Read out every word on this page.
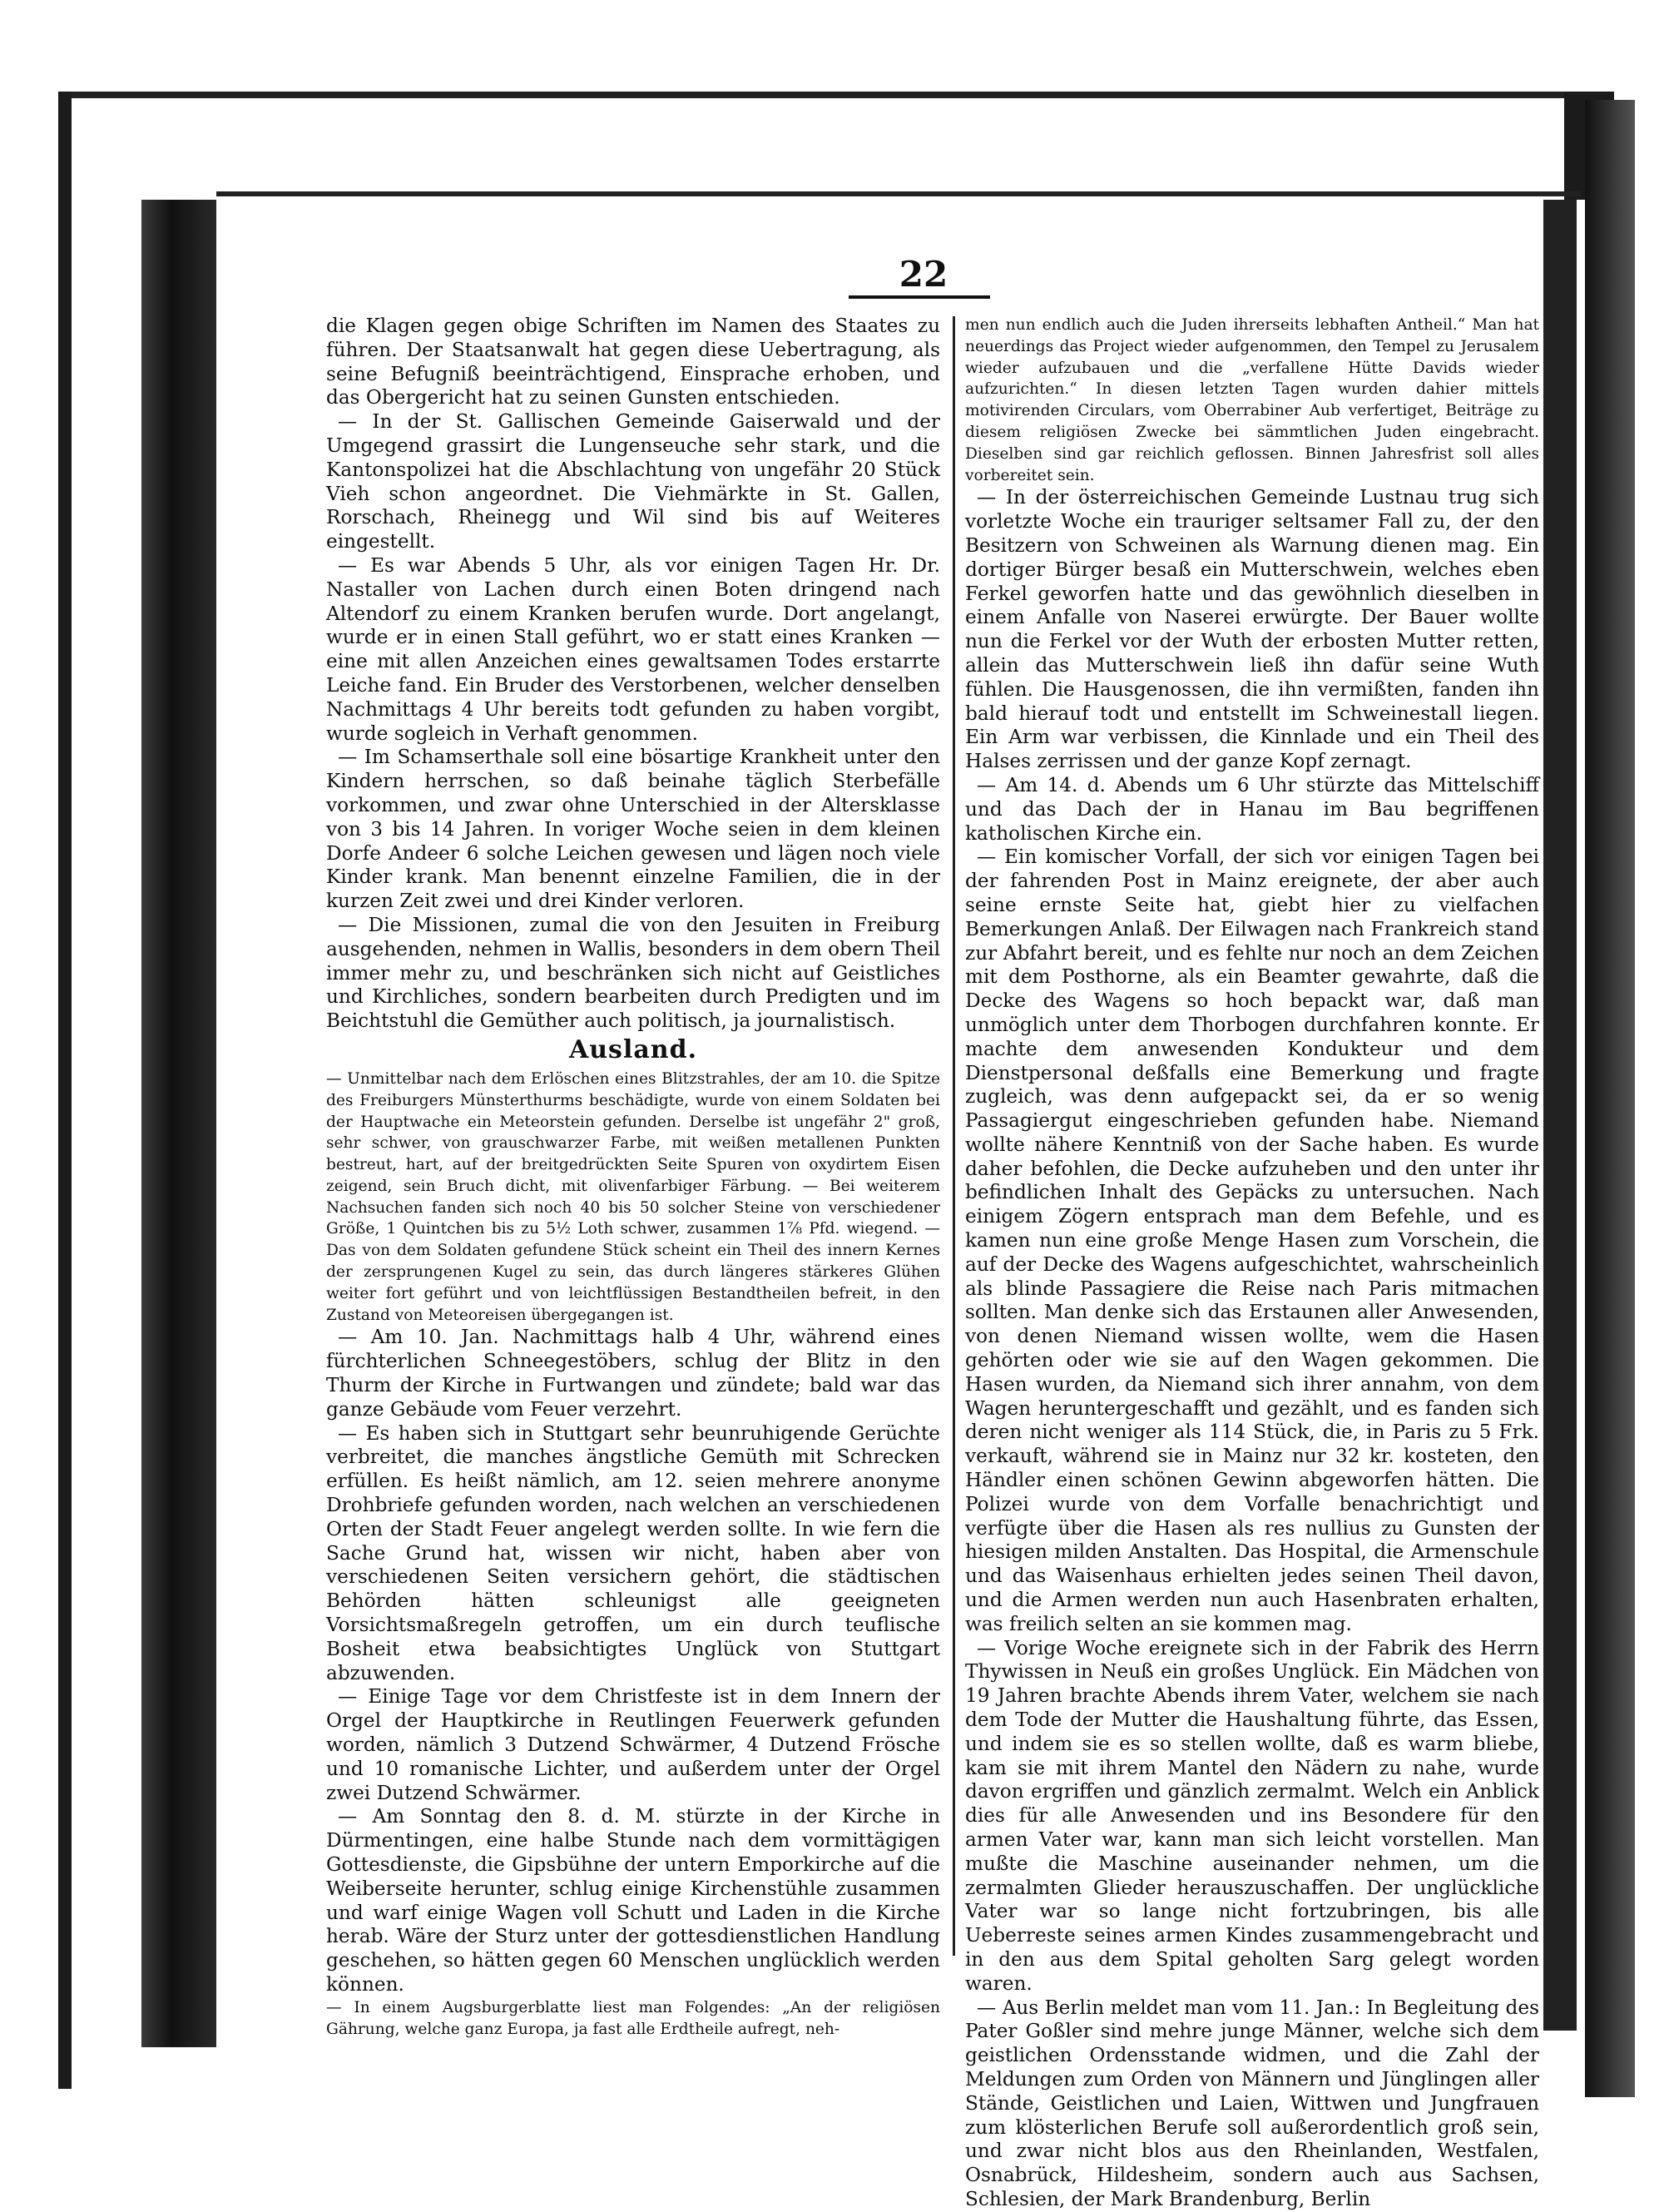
22

die Klagen gegen obige Schriften im Namen des Staates zu führen. Der Staatsanwalt hat gegen diese Uebertragung, als seine Befugniß beeinträchtigend, Einsprache erhoben, und das Obergericht hat zu seinen Gunsten entschieden.

— In der St. Gallischen Gemeinde Gaiserwald und der Umgegend grassirt die Lungenseuche sehr stark, und die Kantonspolizei hat die Abschlachtung von ungefähr 20 Stück Vieh schon angeordnet. Die Viehmärkte in St. Gallen, Rorschach, Rheinegg und Wil sind bis auf Weiteres eingestellt.

— Es war Abends 5 Uhr, als vor einigen Tagen Hr. Dr. Nastaller von Lachen durch einen Boten dringend nach Altendorf zu einem Kranken berufen wurde. Dort angelangt, wurde er in einen Stall geführt, wo er statt eines Kranken — eine mit allen Anzeichen eines gewaltsamen Todes erstarrte Leiche fand. Ein Bruder des Verstorbenen, welcher denselben Nachmittags 4 Uhr bereits todt gefunden zu haben vorgibt, wurde sogleich in Verhaft genommen.

— Im Schamserthale soll eine bösartige Krankheit unter den Kindern herrschen, so daß beinahe täglich Sterbefälle vorkommen, und zwar ohne Unterschied in der Altersklasse von 3 bis 14 Jahren. In voriger Woche seien in dem kleinen Dorfe Andeer 6 solche Leichen gewesen und lägen noch viele Kinder krank. Man benennt einzelne Familien, die in der kurzen Zeit zwei und drei Kinder verloren.

— Die Missionen, zumal die von den Jesuiten in Freiburg ausgehenden, nehmen in Wallis, besonders in dem obern Theil immer mehr zu, und beschränken sich nicht auf Geistliches und Kirchliches, sondern bearbeiten durch Predigten und im Beichtstuhl die Gemüther auch politisch, ja journalistisch.

Ausland.

— Unmittelbar nach dem Erlöschen eines Blitzstrahles, der am 10. die Spitze des Freiburgers Münsterthurms beschädigte, wurde von einem Soldaten bei der Hauptwache ein Meteorstein gefunden. Derselbe ist ungefähr 2" groß, sehr schwer, von grauschwarzer Farbe, mit weißen metallenen Punkten bestreut, hart, auf der breitgedrückten Seite Spuren von oxydirtem Eisen zeigend, sein Bruch dicht, mit olivenfarbiger Färbung. — Bei weiterem Nachsuchen fanden sich noch 40 bis 50 solcher Steine von verschiedener Größe, 1 Quintchen bis zu 5½ Loth schwer, zusammen 1⅞ Pfd. wiegend. — Das von dem Soldaten gefundene Stück scheint ein Theil des innern Kernes der zersprungenen Kugel zu sein, das durch längeres stärkeres Glühen weiter fort geführt und von leichtflüssigen Bestandtheilen befreit, in den Zustand von Meteoreisen übergegangen ist.

— Am 10. Jan. Nachmittags halb 4 Uhr, während eines fürchterlichen Schneegestöbers, schlug der Blitz in den Thurm der Kirche in Furtwangen und zündete; bald war das ganze Gebäude vom Feuer verzehrt.

— Es haben sich in Stuttgart sehr beunruhigende Gerüchte verbreitet, die manches ängstliche Gemüth mit Schrecken erfüllen. Es heißt nämlich, am 12. seien mehrere anonyme Drohbriefe gefunden worden, nach welchen an verschiedenen Orten der Stadt Feuer angelegt werden sollte. In wie fern die Sache Grund hat, wissen wir nicht, haben aber von verschiedenen Seiten versichern gehört, die städtischen Behörden hätten schleunigst alle geeigneten Vorsichtsmaßregeln getroffen, um ein durch teuflische Bosheit etwa beabsichtigtes Unglück von Stuttgart abzuwenden.

— Einige Tage vor dem Christfeste ist in dem Innern der Orgel der Hauptkirche in Reutlingen Feuerwerk gefunden worden, nämlich 3 Dutzend Schwärmer, 4 Dutzend Frösche und 10 romanische Lichter, und außerdem unter der Orgel zwei Dutzend Schwärmer.

— Am Sonntag den 8. d. M. stürzte in der Kirche in Dürmentingen, eine halbe Stunde nach dem vormittägigen Gottesdienste, die Gipsbühne der untern Emporkirche auf die Weiberseite herunter, schlug einige Kirchenstühle zusammen und warf einige Wagen voll Schutt und Laden in die Kirche herab. Wäre der Sturz unter der gottesdienstlichen Handlung geschehen, so hätten gegen 60 Menschen unglücklich werden können.

— In einem Augsburgerblatte liest man Folgendes: „An der religiösen Gährung, welche ganz Europa, ja fast alle Erdtheile aufregt, neh-

men nun endlich auch die Juden ihrerseits lebhaften Antheil.“ Man hat neuerdings das Project wieder aufgenommen, den Tempel zu Jerusalem wieder aufzubauen und die „verfallene Hütte Davids wieder aufzurichten.“ In diesen letzten Tagen wurden dahier mittels motivirenden Circulars, vom Oberrabiner Aub verfertiget, Beiträge zu diesem religiösen Zwecke bei sämmtlichen Juden eingebracht. Dieselben sind gar reichlich geflossen. Binnen Jahresfrist soll alles vorbereitet sein.

— In der österreichischen Gemeinde Lustnau trug sich vorletzte Woche ein trauriger seltsamer Fall zu, der den Besitzern von Schweinen als Warnung dienen mag. Ein dortiger Bürger besaß ein Mutterschwein, welches eben Ferkel geworfen hatte und das gewöhnlich dieselben in einem Anfalle von Naserei erwürgte. Der Bauer wollte nun die Ferkel vor der Wuth der erbosten Mutter retten, allein das Mutterschwein ließ ihn dafür seine Wuth fühlen. Die Hausgenossen, die ihn vermißten, fanden ihn bald hierauf todt und entstellt im Schweinestall liegen. Ein Arm war verbissen, die Kinnlade und ein Theil des Halses zerrissen und der ganze Kopf zernagt.

— Am 14. d. Abends um 6 Uhr stürzte das Mittelschiff und das Dach der in Hanau im Bau begriffenen katholischen Kirche ein.

— Ein komischer Vorfall, der sich vor einigen Tagen bei der fahrenden Post in Mainz ereignete, der aber auch seine ernste Seite hat, giebt hier zu vielfachen Bemerkungen Anlaß. Der Eilwagen nach Frankreich stand zur Abfahrt bereit, und es fehlte nur noch an dem Zeichen mit dem Posthorne, als ein Beamter gewahrte, daß die Decke des Wagens so hoch bepackt war, daß man unmöglich unter dem Thorbogen durchfahren konnte. Er machte dem anwesenden Kondukteur und dem Dienstpersonal deßfalls eine Bemerkung und fragte zugleich, was denn aufgepackt sei, da er so wenig Passagiergut eingeschrieben gefunden habe. Niemand wollte nähere Kenntniß von der Sache haben. Es wurde daher befohlen, die Decke aufzuheben und den unter ihr befindlichen Inhalt des Gepäcks zu untersuchen. Nach einigem Zögern entsprach man dem Befehle, und es kamen nun eine große Menge Hasen zum Vorschein, die auf der Decke des Wagens aufgeschichtet, wahrscheinlich als blinde Passagiere die Reise nach Paris mitmachen sollten. Man denke sich das Erstaunen aller Anwesenden, von denen Niemand wissen wollte, wem die Hasen gehörten oder wie sie auf den Wagen gekommen. Die Hasen wurden, da Niemand sich ihrer annahm, von dem Wagen heruntergeschafft und gezählt, und es fanden sich deren nicht weniger als 114 Stück, die, in Paris zu 5 Frk. verkauft, während sie in Mainz nur 32 kr. kosteten, den Händler einen schönen Gewinn abgeworfen hätten. Die Polizei wurde von dem Vorfalle benachrichtigt und verfügte über die Hasen als res nullius zu Gunsten der hiesigen milden Anstalten. Das Hospital, die Armenschule und das Waisenhaus erhielten jedes seinen Theil davon, und die Armen werden nun auch Hasenbraten erhalten, was freilich selten an sie kommen mag.

— Vorige Woche ereignete sich in der Fabrik des Herrn Thywissen in Neuß ein großes Unglück. Ein Mädchen von 19 Jahren brachte Abends ihrem Vater, welchem sie nach dem Tode der Mutter die Haushaltung führte, das Essen, und indem sie es so stellen wollte, daß es warm bliebe, kam sie mit ihrem Mantel den Nädern zu nahe, wurde davon ergriffen und gänzlich zermalmt. Welch ein Anblick dies für alle Anwesenden und ins Besondere für den armen Vater war, kann man sich leicht vorstellen. Man mußte die Maschine auseinander nehmen, um die zermalmten Glieder herauszuschaffen. Der unglückliche Vater war so lange nicht fortzubringen, bis alle Ueberreste seines armen Kindes zusammengebracht und in den aus dem Spital geholten Sarg gelegt worden waren.

— Aus Berlin meldet man vom 11. Jan.: In Begleitung des Pater Goßler sind mehre junge Männer, welche sich dem geistlichen Ordensstande widmen, und die Zahl der Meldungen zum Orden von Männern und Jünglingen aller Stände, Geistlichen und Laien, Wittwen und Jungfrauen zum klösterlichen Berufe soll außerordentlich groß sein, und zwar nicht blos aus den Rheinlanden, Westfalen, Osnabrück, Hildesheim, sondern auch aus Sachsen, Schlesien, der Mark Brandenburg, Berlin
